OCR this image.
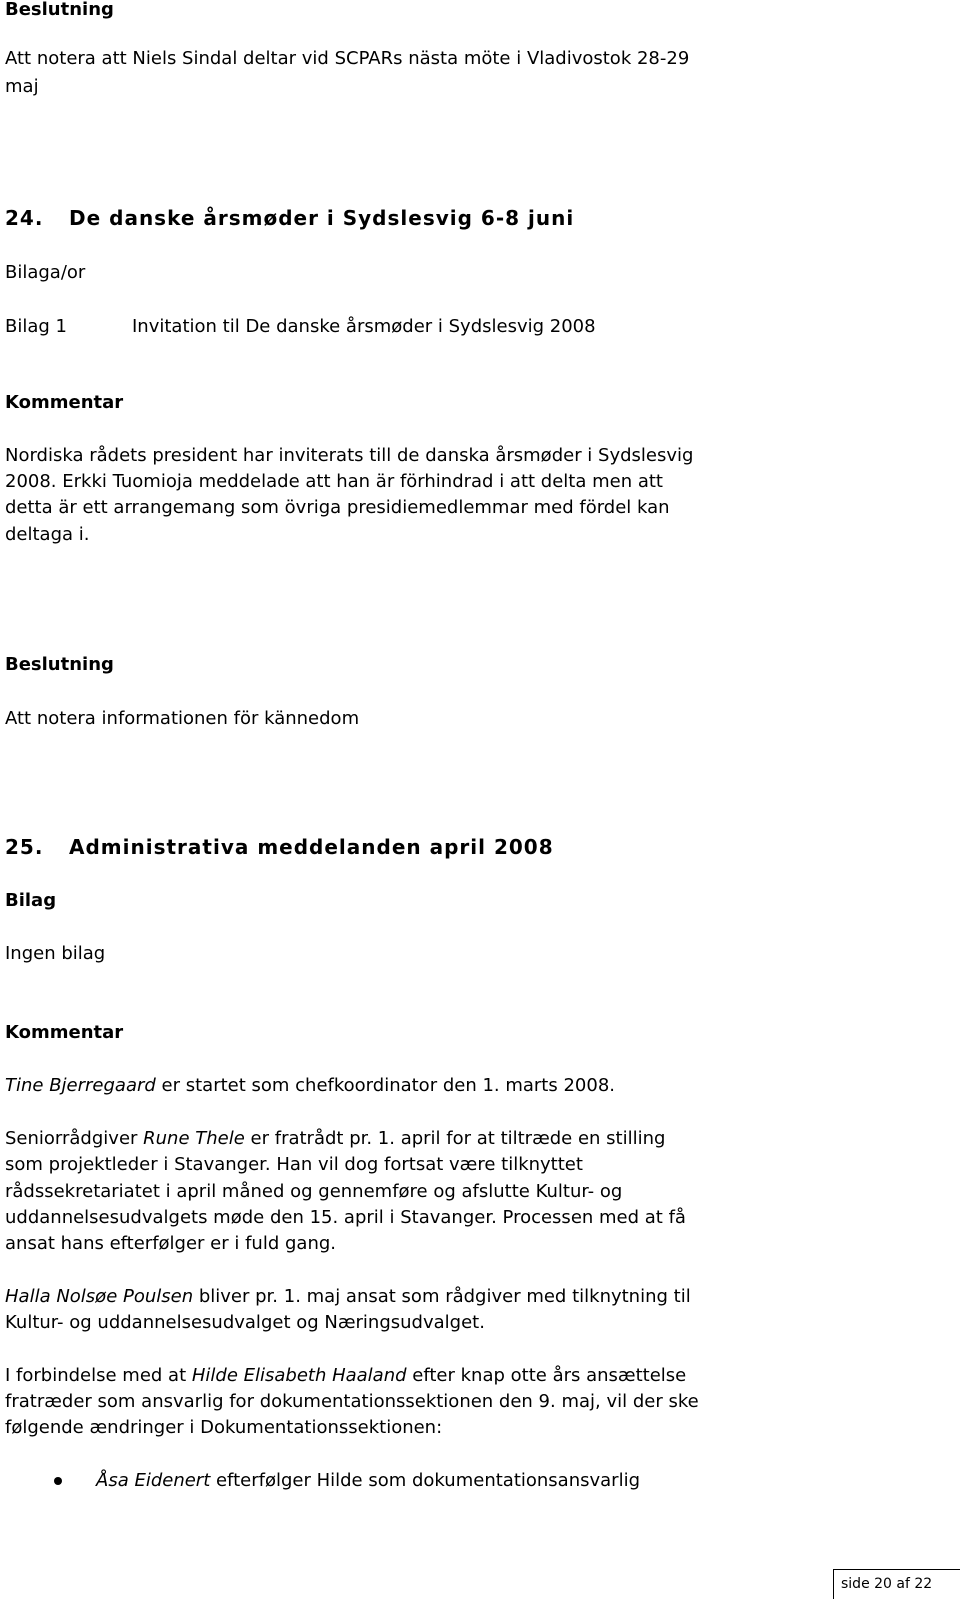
Beslutning
Att notera att Niels Sindal deltar vid SCPARs nästa möte i Vladivostok 28-29
maj
24. De danske årsmøder i Sydslesvig 6-8 juni
Bilaga/or
Bilag 1	Invitation til De danske årsmøder i Sydslesvig 2008
Kommentar
Nordiska rådets president har inviterats till de danska årsmøder i Sydslesvig
2008. Erkki Tuomioja meddelade att han är förhindrad i att delta men att
detta är ett arrangemang som övriga presidiemedlemmar med fördel kan
deltaga i.
Beslutning
Att notera informationen för kännedom
25. Administrativa meddelanden april 2008
Bilag
Ingen bilag
Kommentar
Tine Bjerregaard er startet som chefkoordinator den 1. marts 2008.
Seniorrådgiver Rune Thele er fratrådt pr. 1. april for at tiltræde en stilling
som projektleder i Stavanger. Han vil dog fortsat være tilknyttet
rådssekretariatet i april måned og gennemføre og afslutte Kultur- og
uddannelsesudvalgets møde den 15. april i Stavanger. Processen med at få
ansat hans efterfølger er i fuld gang.
Halla Nolsøe Poulsen bliver pr. 1. maj ansat som rådgiver med tilknytning til
Kultur- og uddannelsesudvalget og Næringsudvalget.
I forbindelse med at Hilde Elisabeth Haaland efter knap otte års ansættelse
fratræder som ansvarlig for dokumentationssektionen den 9. maj, vil der ske
følgende ændringer i Dokumentationssektionen:
Åsa Eidenert efterfølger Hilde som dokumentationsansvarlig
side 20 af 22
